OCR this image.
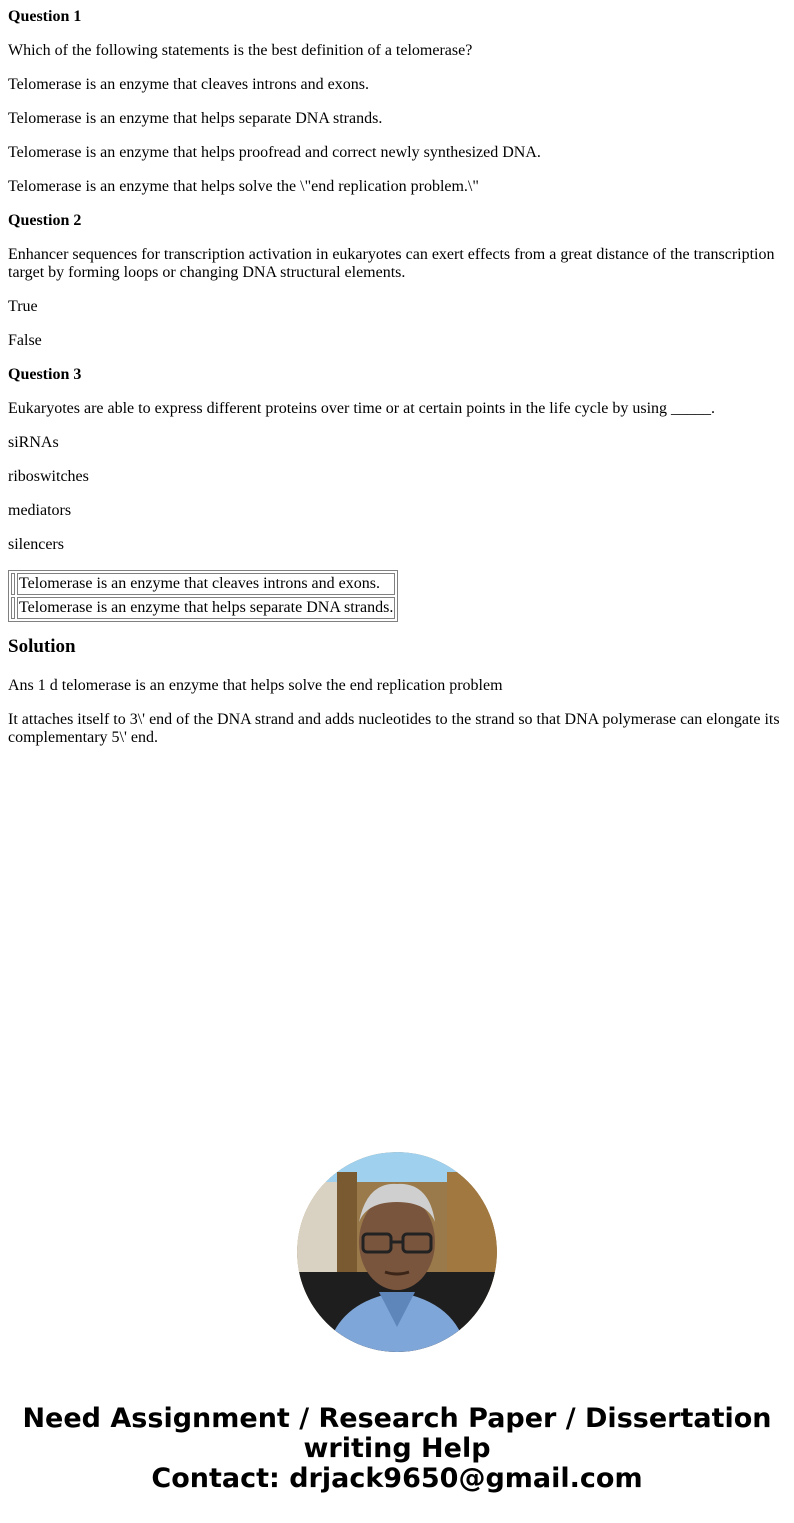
Question 1

Which of the following statements is the best definition of a telomerase?

Telomerase is an enzyme that cleaves introns and exons.

Telomerase is an enzyme that helps separate DNA strands.

Telomerase is an enzyme that helps proofread and correct newly synthesized DNA.

Telomerase is an enzyme that helps solve the \"end replication problem.\"

Question 2

Enhancer sequences for transcription activation in eukaryotes can exert effects from a great distance of the transcription target by forming loops or changing DNA structural elements.

True

False

Question 3

Eukaryotes are able to express different proteins over time or at certain points in the life cycle by using _____.

siRNAs

riboswitches

mediators

silencers

	Telomerase is an enzyme that cleaves introns and exons.
	Telomerase is an enzyme that helps separate DNA strands.
Solution

Ans 1 d telomerase is an enzyme that helps solve the end replication problem

It attaches itself to 3\' end of the DNA strand and adds nucleotides to the strand so that DNA polymerase can elongate its complementary 5\' end.

Need Assignment / Research Paper / Dissertation
writing Help
Contact: drjack9650@gmail.com
